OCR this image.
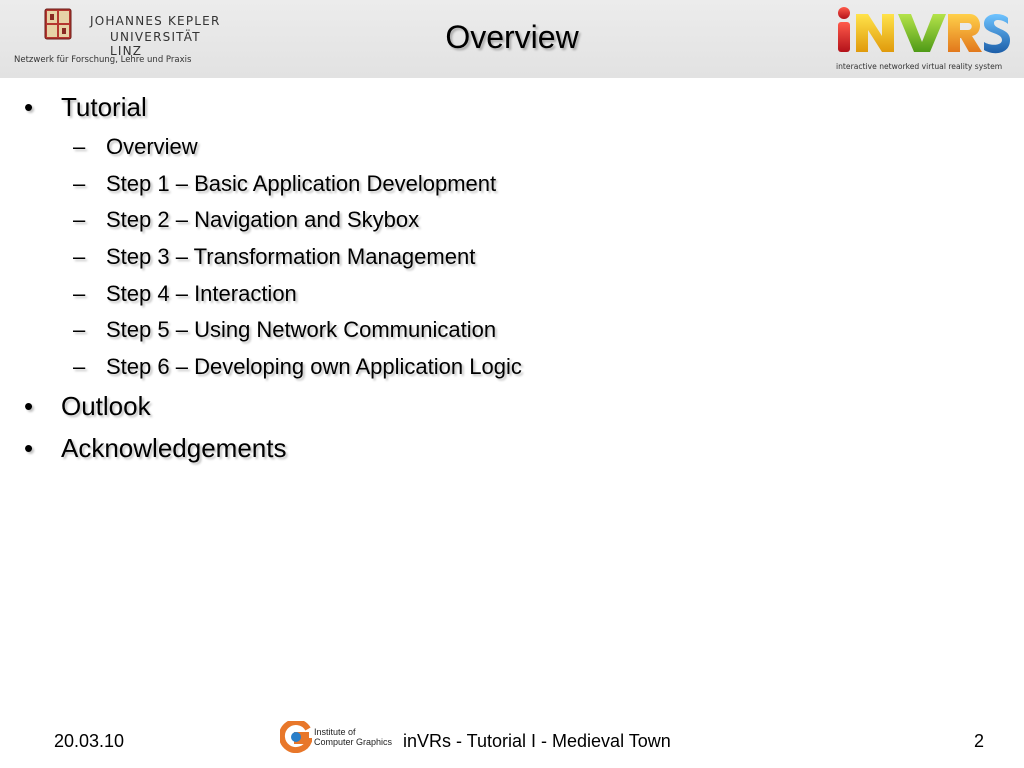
JOHANNES KEPLER
UNIVERSITÄT LINZ
Netzwerk für Forschung, Lehre und Praxis
Overview
interactive networked virtual reality system
• Tutorial
– Overview
– Step 1 – Basic Application Development
– Step 2 – Navigation and Skybox
– Step 3 – Transformation Management
– Step 4 – Interaction
– Step 5 – Using Network Communication
– Step 6 – Developing own Application Logic
• Outlook
• Acknowledgements
20.03.10	Institute of
Computer Graphics inVRs - Tutorial I - Medieval Town	2
